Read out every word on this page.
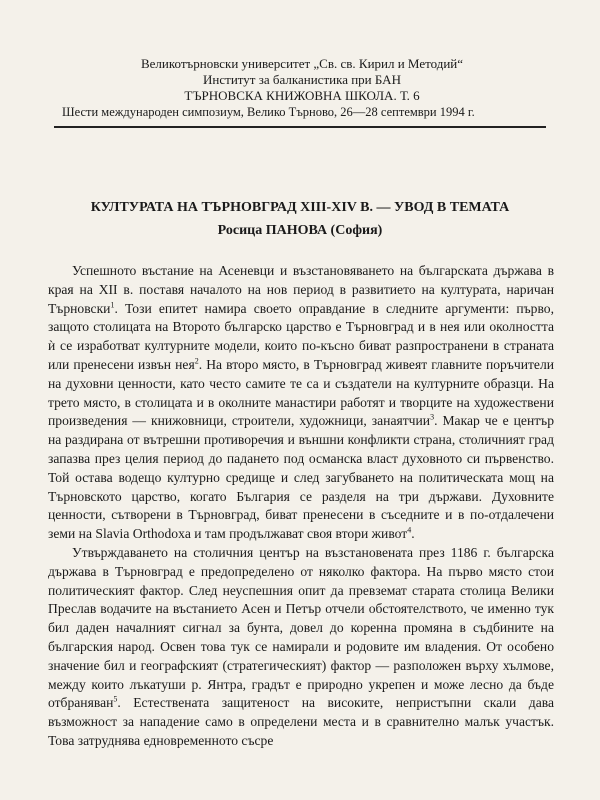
Великотърновски университет „Св. св. Кирил и Методий“
Институт за балканистика при БАН
ТЪРНОВСКА КНИЖОВНА ШКОЛА. Т. 6
Шести международен симпозиум, Велико Търново, 26—28 септември 1994 г.
КУЛТУРАТА НА ТЪРНОВГРАД XIII-XIV В. — УВОД В ТЕМАТА
Росица ПАНОВА (София)

Успешното въстание на Асеневци и възстановяването на българската държава в края на XII в. поставя началото на нов период в развитието на културата, наричан Търновски$^1$. Този епитет намира своето оправдание в следните аргументи: първо, защото столицата на Второто българско царство е Търновград и в нея или околността ѝ се изработват културните модели, които по-късно биват разпространени в страната или пренесени извън нея$^2$. На второ място, в Търновград живеят главните поръчители на духовни ценности, като често самите те са и създатели на културните образци. На трето място, в столицата и в околните манастири работят и творците на художествени произведения — книжовници, строители, художници, занаятчии$^3$. Макар че е център на раздирана от вътрешни противоречия и външни конфликти страна, столичният град запазва през целия период до падането под османска власт духовното си първенство. Той остава водещо културно средище и след загубването на политическата мощ на Търновското царство, когато България се разделя на три държави. Духовните ценности, сътворени в Търновград, биват пренесени в съседните и в по-отдалечени земи на Slavia Orthodoxa и там продължават своя втори живот$^4$.

Утвърждаването на столичния център на възстановената през 1186 г. българска държава в Търновград е предопределено от няколко фактора. На първо място стои политическият фактор. След неуспешния опит да превземат старата столица Велики Преслав водачите на въстанието Асен и Петър отчели обстоятелството, че именно тук бил даден началният сигнал за бунта, довел до коренна промяна в съдбините на българския народ. Освен това тук се намирали и родовите им владения. От особено значение бил и географският (стратегическият) фактор — разположен върху хълмове, между които лъкатуши р. Янтра, градът е природно укрепен и може лесно да бъде отбраняван$^5$. Естествената защитеност на високите, непристъпни скали дава възможност за нападение само в определени места и в сравнително малък участък. Това затруднява едновременното съсре
